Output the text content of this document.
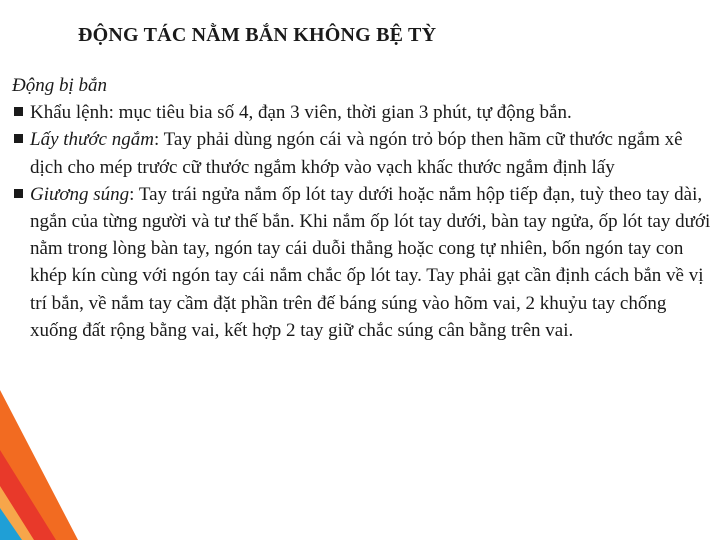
ĐỘNG TÁC NẰM BẮN KHÔNG BỆ TỲ

Động bị bắn

Khẩu lệnh: mục tiêu bia số 4, đạn 3 viên, thời gian 3 phút, tự động bắn.
Lấy thước ngắm: Tay phải dùng ngón cái và ngón trỏ bóp then hãm cữ thước ngắm xê dịch cho mép trước cữ thước ngắm khớp vào vạch khấc thước ngắm định lấy
Giương súng: Tay trái ngửa nắm ốp lót tay dưới hoặc nắm hộp tiếp đạn, tuỳ theo tay dài, ngắn của từng người và tư thế bắn. Khi nắm ốp lót tay dưới, bàn tay ngửa, ốp lót tay dưới nằm trong lòng bàn tay, ngón tay cái duỗi thẳng hoặc cong tự nhiên, bốn ngón tay con khép kín cùng với ngón tay cái nắm chắc ốp lót tay. Tay phải gạt cần định cách bắn về vị trí bắn, về nắm tay cầm đặt phần trên đế báng súng vào hõm vai, 2 khuỷu tay chống xuống đất rộng bằng vai, kết hợp 2 tay giữ chắc súng cân bằng trên vai.
